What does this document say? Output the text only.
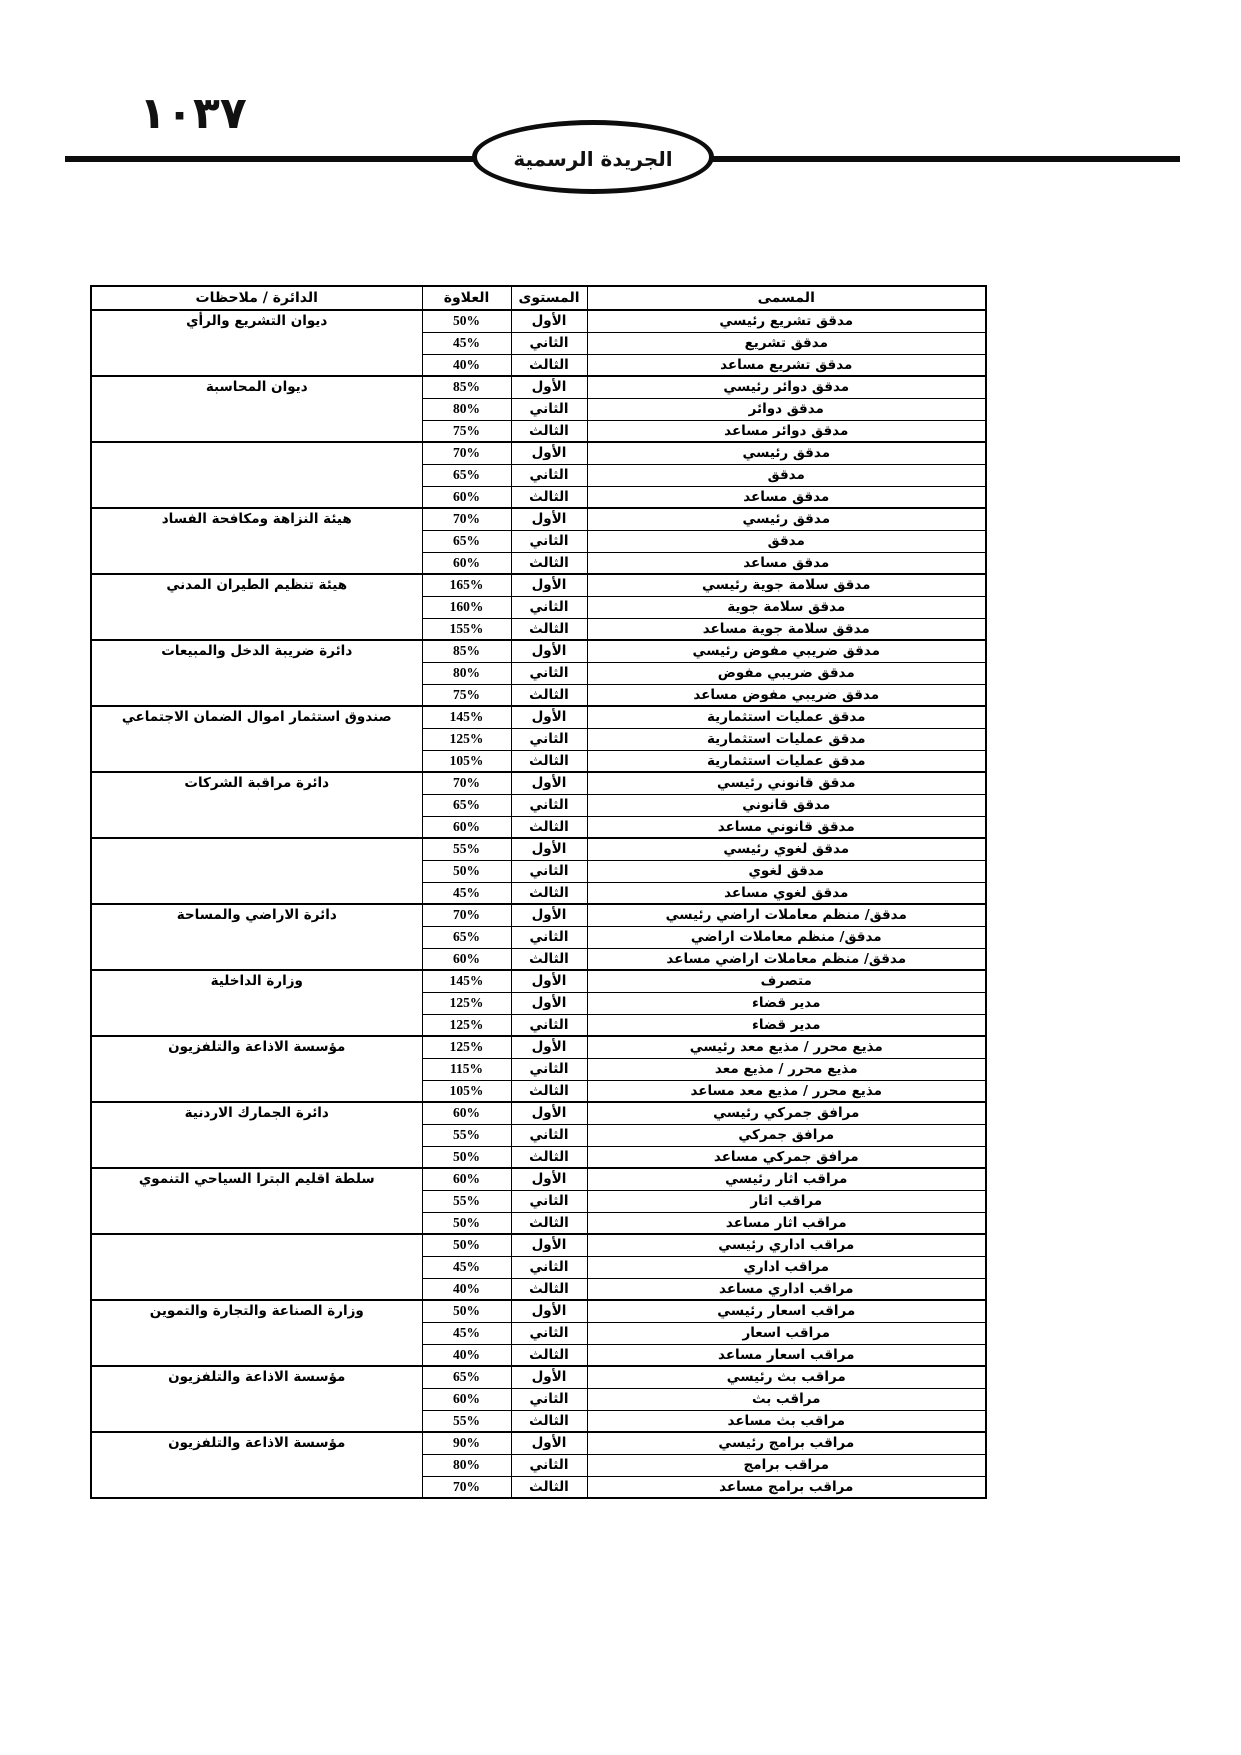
١٠٣٧
الجريدة الرسمية
المسمى	المستوى	العلاوة	الدائرة / ملاحظات
مدقق تشريع رئيسي	الأول	50%	ديوان التشريع والرأي
مدقق تشريع	الثاني	45%	
مدقق تشريع مساعد	الثالث	40%	
مدقق دوائر رئيسي	الأول	85%	ديوان المحاسبة
مدقق دوائر	الثاني	80%	
مدقق دوائر مساعد	الثالث	75%	
مدقق رئيسي	الأول	70%	
مدقق	الثاني	65%	
مدقق مساعد	الثالث	60%	
مدقق رئيسي	الأول	70%	هيئة النزاهة ومكافحة الفساد
مدقق	الثاني	65%	
مدقق مساعد	الثالث	60%	
مدقق سلامة جوية رئيسي	الأول	165%	هيئة تنظيم الطيران المدني
مدقق سلامة جوية	الثاني	160%	
مدقق سلامة جوية مساعد	الثالث	155%	
مدقق ضريبي مفوض رئيسي	الأول	85%	دائرة ضريبة الدخل والمبيعات
مدقق ضريبي مفوض	الثاني	80%	
مدقق ضريبي مفوض مساعد	الثالث	75%	
مدقق عمليات استثمارية	الأول	145%	صندوق استثمار اموال الضمان الاجتماعي
مدقق عمليات استثمارية	الثاني	125%	
مدقق عمليات استثمارية	الثالث	105%	
مدقق قانوني رئيسي	الأول	70%	دائرة مراقبة الشركات
مدقق قانوني	الثاني	65%	
مدقق قانوني مساعد	الثالث	60%	
مدقق لغوي رئيسي	الأول	55%	
مدقق لغوي	الثاني	50%	
مدقق لغوي مساعد	الثالث	45%	
مدقق/ منظم معاملات اراضي رئيسي	الأول	70%	دائرة الاراضي والمساحة
مدقق/ منظم معاملات اراضي	الثاني	65%	
مدقق/ منظم معاملات اراضي مساعد	الثالث	60%	
متصرف	الأول	145%	وزارة الداخلية
مدير قضاء	الأول	125%	
مدير قضاء	الثاني	125%	
مذيع محرر / مذيع معد رئيسي	الأول	125%	مؤسسة الاذاعة والتلفزيون
مذيع محرر / مذيع معد	الثاني	115%	
مذيع محرر / مذيع معد مساعد	الثالث	105%	
مرافق جمركي رئيسي	الأول	60%	دائرة الجمارك الاردنية
مرافق جمركي	الثاني	55%	
مرافق جمركي مساعد	الثالث	50%	
مراقب اثار رئيسي	الأول	60%	سلطة اقليم البترا السياحي التنموي
مراقب اثار	الثاني	55%	
مراقب اثار مساعد	الثالث	50%	
مراقب اداري رئيسي	الأول	50%	
مراقب اداري	الثاني	45%	
مراقب اداري مساعد	الثالث	40%	
مراقب اسعار رئيسي	الأول	50%	وزارة الصناعة والتجارة والتموين
مراقب اسعار	الثاني	45%	
مراقب اسعار مساعد	الثالث	40%	
مراقب بث رئيسي	الأول	65%	مؤسسة الاذاعة والتلفزيون
مراقب بث	الثاني	60%	
مراقب بث مساعد	الثالث	55%	
مراقب برامج رئيسي	الأول	90%	مؤسسة الاذاعة والتلفزيون
مراقب برامج	الثاني	80%	
مراقب برامج مساعد	الثالث	70%	
